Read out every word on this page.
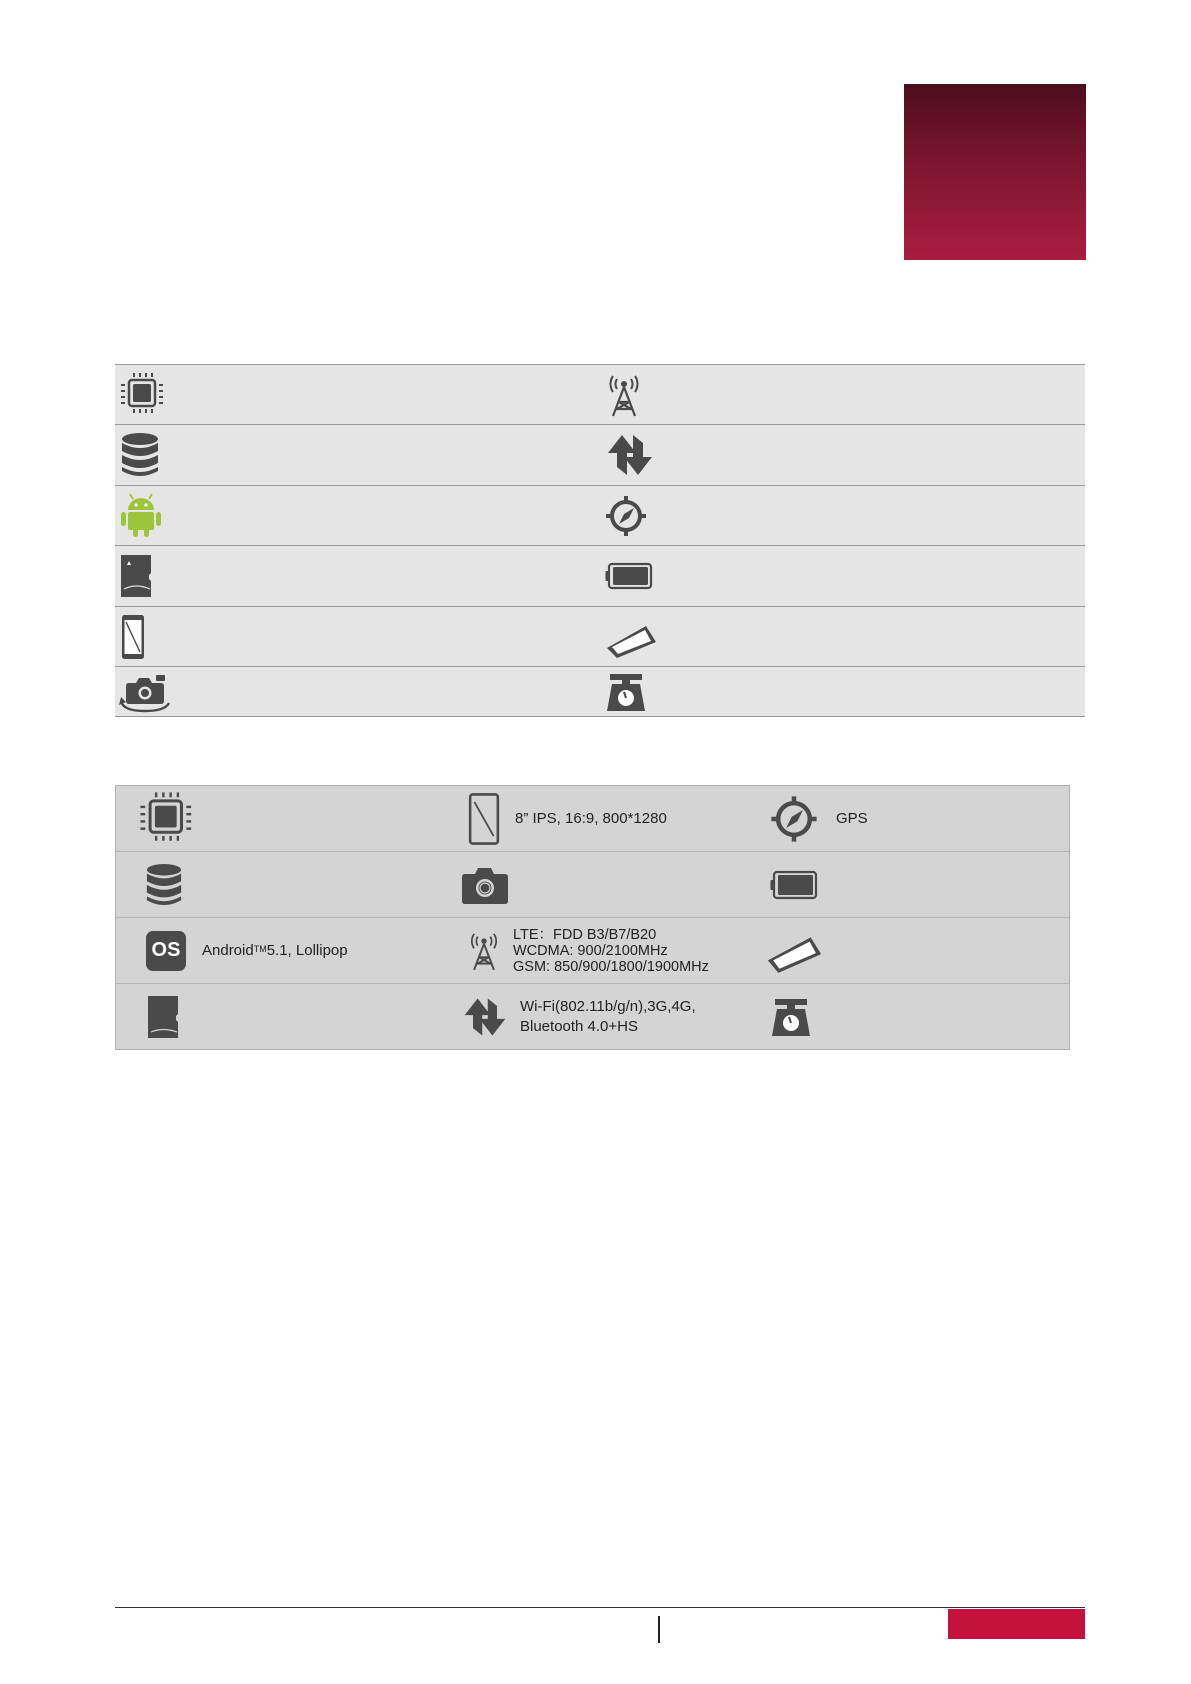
8” IPS, 16:9, 800*1280	GPS
OS	Android™5.1, Lollipop
LTE：FDD B3/B7/B20
WCDMA: 900/2100MHz
GSM: 850/900/1800/1900MHz
Wi-Fi(802.11b/g/n),3G,4G,
Bluetooth 4.0+HS
